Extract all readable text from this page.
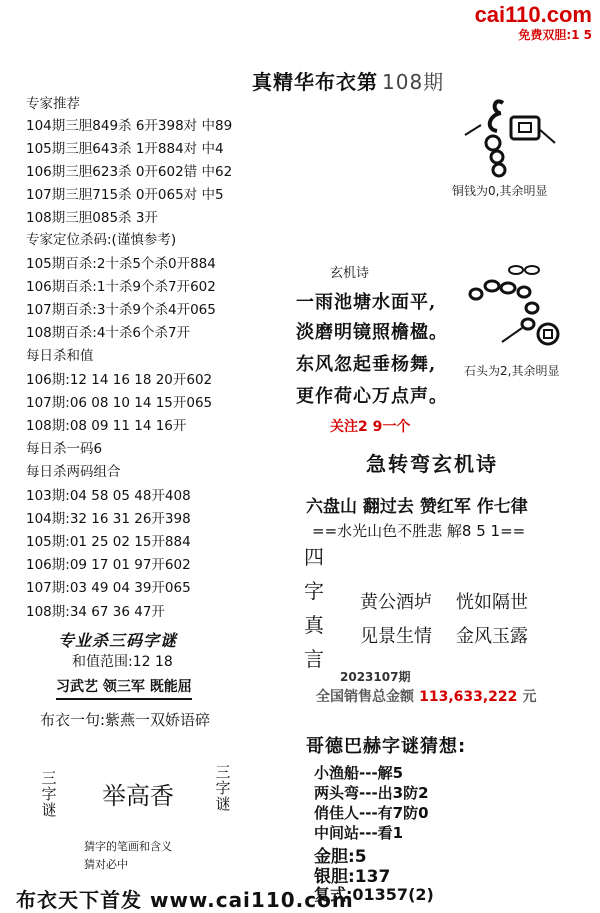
cai110.com
免费双胆:1 5
真精华布衣第 108期
专家推荐
104期三胆849杀 6开398对 中89
105期三胆643杀 1开884对 中4
106期三胆623杀 0开602错 中62
107期三胆715杀 0开065对 中5
108期三胆085杀 3开
专家定位杀码:(谨慎参考)
105期百杀:2十杀5个杀0开884
106期百杀:1十杀9个杀7开602
107期百杀:3十杀9个杀4开065
108期百杀:4十杀6个杀7开
每日杀和值
106期:12 14 16 18 20开602
107期:06 08 10 14 15开065
108期:08 09 11 14 16开
每日杀一码6
每日杀两码组合
103期:04 58 05 48开408
104期:32 16 31 26开398
105期:01 25 02 15开884
106期:09 17 01 97开602
107期:03 49 04 39开065
108期:34 67 36 47开
专业杀三码字谜
和值范围:12 18
习武艺 领三军 既能屈
布衣一句:紫燕一双娇语碎
三字谜 举高香
三字谜
猜字的笔画和含义
猜对必中
铜钱为0,其余明显
石头为2,其余明显
玄机诗
一雨池塘水面平,
淡磨明镜照檐楹。
东风忽起垂杨舞,
更作荷心万点声。
关注2 9一个
急转弯玄机诗
六盘山 翻过去 赞红军 作七律
==水光山色不胜悲 解8 5 1==
四字真言
黄公酒垆 恍如隔世
见景生情 金风玉露
2023107期
全国销售总金额 113,633,222 元
哥德巴赫字谜猜想:
小渔船---解5
两头弯---出3防2
俏佳人---有7防0
中间站---看1
金胆:5
银胆:137
复式:01357(2)
布衣天下首发 www.cai110.com
